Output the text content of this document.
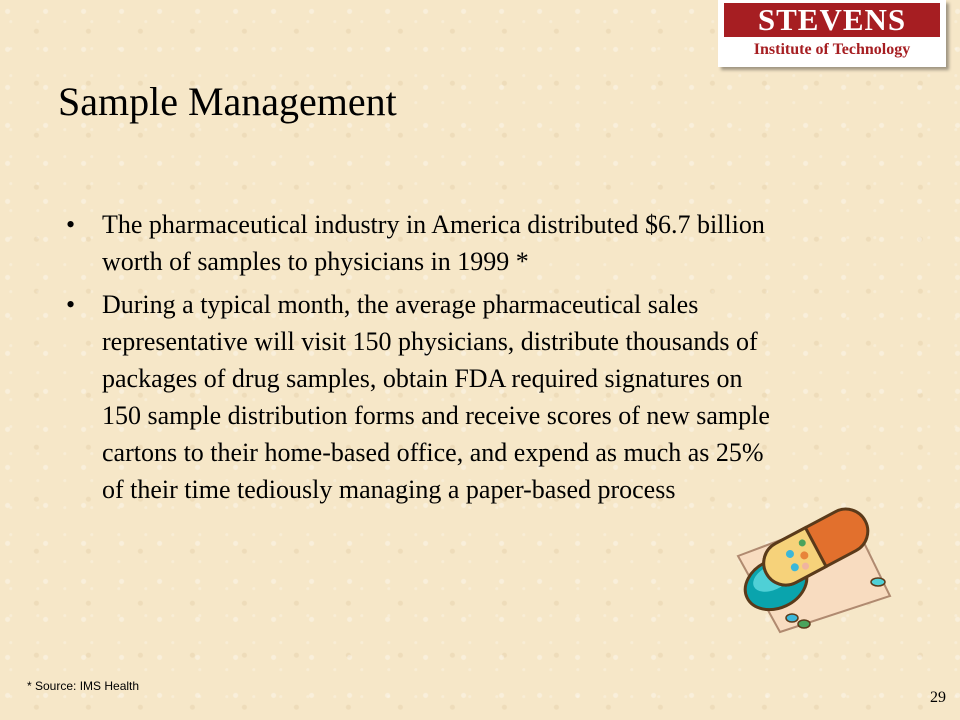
STEVENS
Institute of Technology
Sample Management
• The pharmaceutical industry in America distributed $6.7 billion worth of samples to physicians in 1999 *
• During a typical month, the average pharmaceutical sales representative will visit 150 physicians, distribute thousands of packages of drug samples, obtain FDA required signatures on 150 sample distribution forms and receive scores of new sample cartons to their home-based office, and expend as much as 25% of their time tediously managing a paper-based process
* Source: IMS Health
29
